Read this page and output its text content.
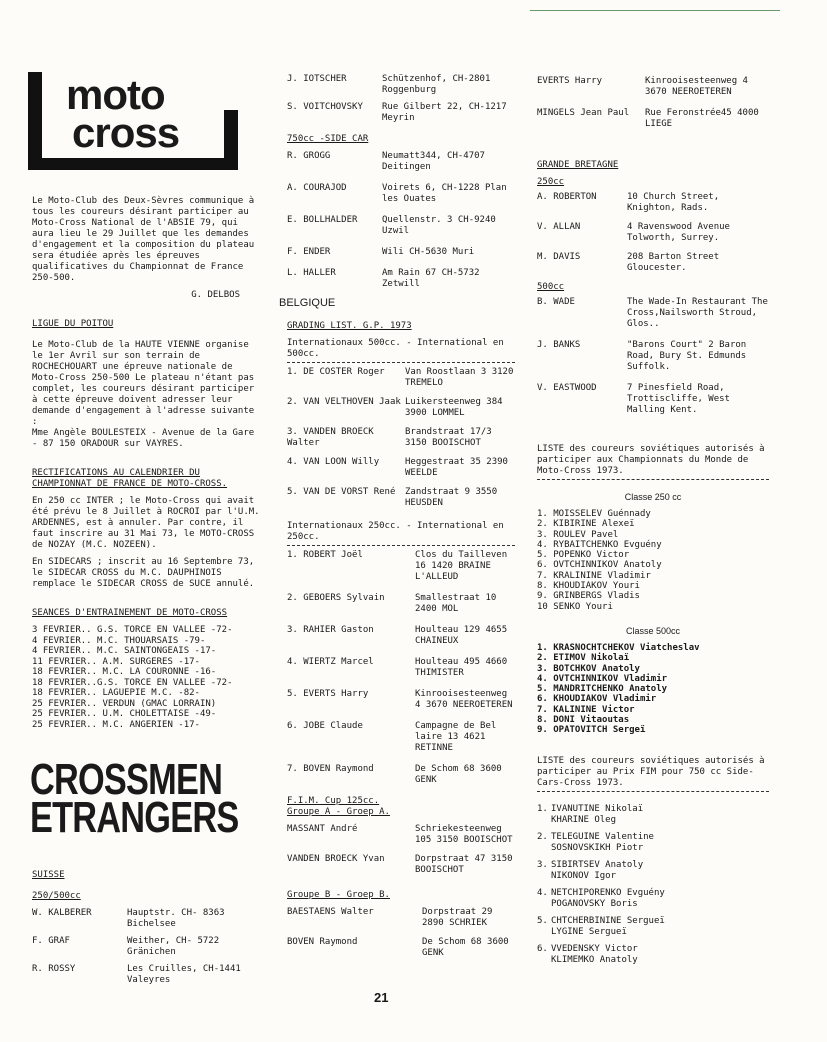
moto
cross

Le Moto-Club des Deux-Sèvres communique à tous les coureurs désirant participer au Moto-Cross National de l'ABSIE 79, qui aura lieu le 29 Juillet que les demandes d'engagement et la composition du plateau sera étudiée après les épreuves qualificatives du Championnat de France 250-500.

G. DELBOS

LIGUE DU POITOU

Le Moto-Club de la HAUTE VIENNE organise le 1er Avril sur son terrain de ROCHECHOUART une épreuve nationale de Moto-Cross 250-500 Le plateau n'étant pas complet, les coureurs désirant participer à cette épreuve doivent adresser leur demande d'engagement à l'adresse suivante :

Mme Angèle BOULESTEIX - Avenue de la Gare - 87 150 ORADOUR sur VAYRES.

RECTIFICATIONS AU CALENDRIER DU CHAMPIONNAT DE FRANCE DE MOTO-CROSS.

En 250 cc INTER ; le Moto-Cross qui avait été prévu le 8 Juillet à ROCROI par l'U.M. ARDENNES, est à annuler. Par contre, il faut inscrire au 31 Mai 73, le MOTO-CROSS de NOZAY (M.C. NOZEEN).

En SIDECARS ; inscrit au 16 Septembre 73, le SIDECAR CROSS du M.C. DAUPHINOIS remplace le SIDECAR CROSS de SUCE annulé.

SEANCES D'ENTRAINEMENT DE MOTO-CROSS

3 FEVRIER.. G.S. TORCE EN VALLEE -72-
4 FEVRIER.. M.C. THOUARSAIS -79-
4 FEVRIER.. M.C. SAINTONGEAIS -17-
11 FEVRIER.. A.M. SURGERES -17-
18 FEVRIER.. M.C. LA COURONNE -16-
18 FEVRIER..G.S. TORCE EN VALLEE -72-
18 FEVRIER.. LAGUEPIE M.C. -82-
25 FEVRIER.. VERDUN (GMAC LORRAIN)
25 FEVRIER.. U.M. CHOLETTAISE -49-
25 FEVRIER.. M.C. ANGERIEN -17-
CROSSMEN
ETRANGERS

SUISSE

250/500cc

W. KALBERER	Hauptstr. CH- 8363 Bichelsee
F. GRAF	Weither, CH- 5722 Gränichen
R. ROSSY	Les Cruilles, CH-1441 Valeyres
J. IOTSCHER	Schützenhof, CH-2801 Roggenburg
S. VOITCHOVSKY	Rue Gilbert 22, CH-1217 Meyrin

750cc -SIDE CAR

R. GROGG	Neumatt344, CH-4707 Deitingen
A. COURAJOD	Voirets 6, CH-1228 Plan les Ouates
E. BOLLHALDER	Quellenstr. 3 CH-9240 Uzwil
F. ENDER	Wili CH-5630 Muri
L. HALLER	Am Rain 67 CH-5732 Zetwill

BELGIQUE

GRADING LIST. G.P. 1973

Internationaux 500cc. - International en 500cc.

1. DE COSTER Roger	Van Roostlaan 3 3120 TREMELO
2. VAN VELTHOVEN Jaak Luikersteenweg 384 3900 LOMMEL
3. VANDEN BROECK Walter
Brandstraat 17/3 3150 BOOISCHOT
4. VAN LOON Willy	Heggestraat 35 2390 WEELDE
5. VAN DE VORST René	Zandstraat 9 3550 HEUSDEN

Internationaux 250cc. - International en 250cc.

1. ROBERT Joël	Clos du Tailleven 16 1420 BRAINE L'ALLEUD
2. GEBOERS Sylvain	Smallestraat 10 2400 MOL
3. RAHIER Gaston	Houlteau 129 4655 CHAINEUX
4. WIERTZ Marcel	Houlteau 495 4660 THIMISTER
5. EVERTS Harry	Kinrooisesteenweg 4 3670 NEEROETEREN
6. JOBE Claude	Campagne de Bel laire 13 4621 RETINNE
7. BOVEN Raymond	De Schom 68 3600 GENK

F.I.M. Cup 125cc.

Groupe A - Groep A.

MASSANT André	Schriekesteenweg 105 3150 BOOISCHOT
VANDEN BROECK Yvan	Dorpstraat 47 3150 BOOISCHOT

Groupe B - Groep B.

BAESTAENS Walter	Dorpstraat 29 2890 SCHRIEK
BOVEN Raymond	De Schom 68 3600 GENK
EVERTS Harry	Kinrooisesteenweg 4 3670 NEEROETEREN
MINGELS Jean Paul	Rue Feronstrée45 4000 LIEGE

GRANDE BRETAGNE

250cc

A. ROBERTON	10 Church Street, Knighton, Rads.
V. ALLAN	4 Ravenswood Avenue Tolworth, Surrey.
M. DAVIS	208 Barton Street Gloucester.

500cc

B. WADE	The Wade-In Restaurant The Cross,Nailsworth Stroud, Glos..
J. BANKS	"Barons Court" 2 Baron Road, Bury St. Edmunds Suffolk.
V. EASTWOOD	7 Pinesfield Road, Trottiscliffe, West Malling Kent.

LISTE des coureurs soviétiques autorisés à participer aux Championnats du Monde de Moto-Cross 1973.

Classe 250 cc

1. MOISSELEV Guénnady
2. KIBIRINE Alexeï
3. ROULEV Pavel
4. RYBAITCHENKO Evguény
5. POPENKO Victor
6. OVTCHINNIKOV Anatoly
7. KRALININE Vladimir
8. KHOUDIAKOV Youri
9. GRINBERGS Vladis
10 SENKO Youri

Classe 500cc

1. KRASNOCHTCHEKOV Viatcheslav
2. ETIMOV Nikolaï
3. BOTCHKOV Anatoly
4. OVTCHINNIKOV Vladimir
5. MANDRITCHENKO Anatoly
6. KHOUDIAKOV Vladimir
7. KALININE Victor
8. DONI Vitaoutas
9. OPATOVITCH Sergeï

LISTE des coureurs soviétiques autorisés à participer au Prix FIM pour 750 cc Side-Cars-Cross 1973.

1. IVANUTINE Nikolaï
KHARINE Oleg
2. TELEGUINE Valentine
SOSNOVSKIKH Piotr
3. SIBIRTSEV Anatoly
NIKONOV Igor
4. NETCHIPORENKO Evguény
POGANOVSKY Boris
5. CHTCHERBININE Sergueï
LYGINE Sergueï
6. VVEDENSKY Victor
KLIMEMKO Anatoly
21
